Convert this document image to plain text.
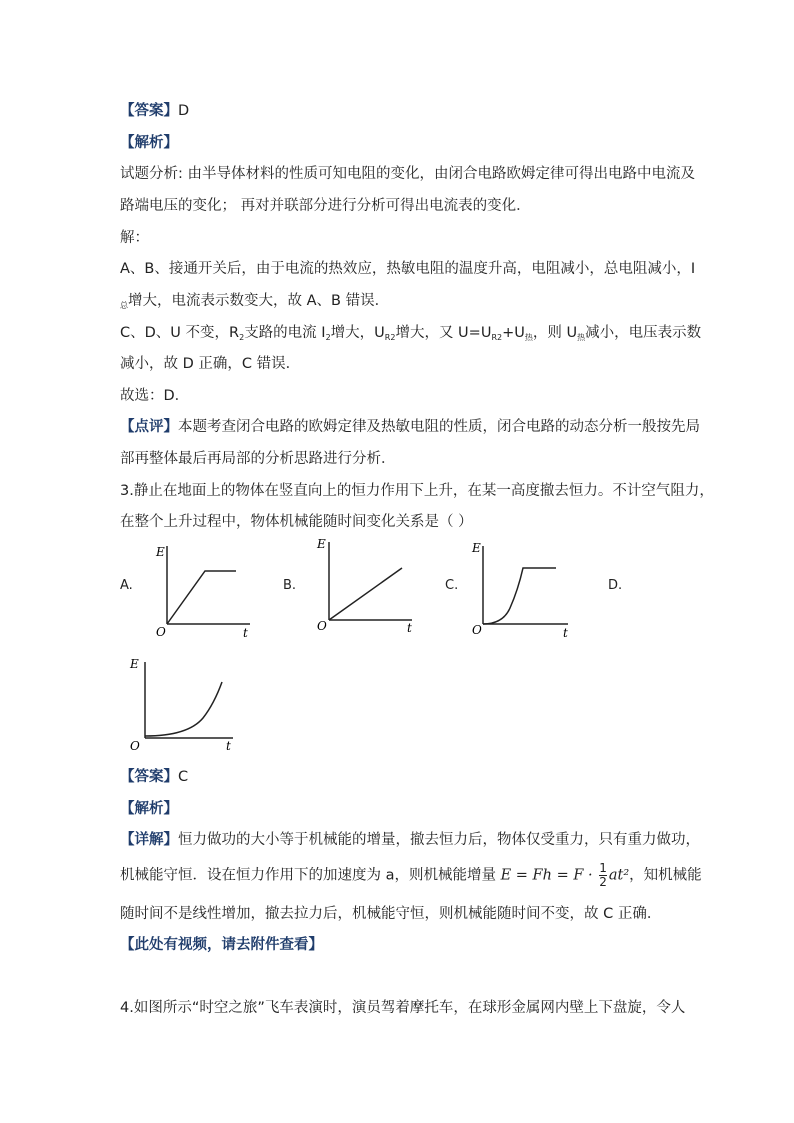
【答案】D
【解析】
试题分析: 由半导体材料的性质可知电阻的变化，由闭合电路欧姆定律可得出电路中电流及
路端电压的变化； 再对并联部分进行分析可得出电流表的变化．
解：
A、B、接通开关后，由于电流的热效应，热敏电阻的温度升高，电阻减小，总电阻减小，I
$_总$增大，电流表示数变大，故 A、B 错误．
C、D、U 不变，$R_2$支路的电流 $I_2$增大，$U_{R2}$增大，又 $U=U_{R2}+U_热$，则 $U_热$减小，电压表示数
减小，故 D 正确，C 错误．
故选：D．
【点评】本题考查闭合电路的欧姆定律及热敏电阻的性质，闭合电路的动态分析一般按先局
部再整体最后再局部的分析思路进行分析．
3.静止在地面上的物体在竖直向上的恒力作用下上升，在某一高度撤去恒力。不计空气阻力，
在整个上升过程中，物体机械能随时间变化关系是（ ）
A.	B.	C.	D.
E
t
O
E
t
O
E
t
O
E
t
O
【答案】C
【解析】
【详解】恒力做功的大小等于机械能的增量，撤去恒力后，物体仅受重力，只有重力做功，
机械能守恒．设在恒力作用下的加速度为 a，则机械能增量 $E = Fh = F \cdot \frac{1}{2} at^2$，知机械能
随时间不是线性增加，撤去拉力后，机械能守恒，则机械能随时间不变，故 C 正确．
【此处有视频，请去附件查看】
4.如图所示“时空之旅”飞车表演时，演员驾着摩托车，在球形金属网内壁上下盘旋，令人
